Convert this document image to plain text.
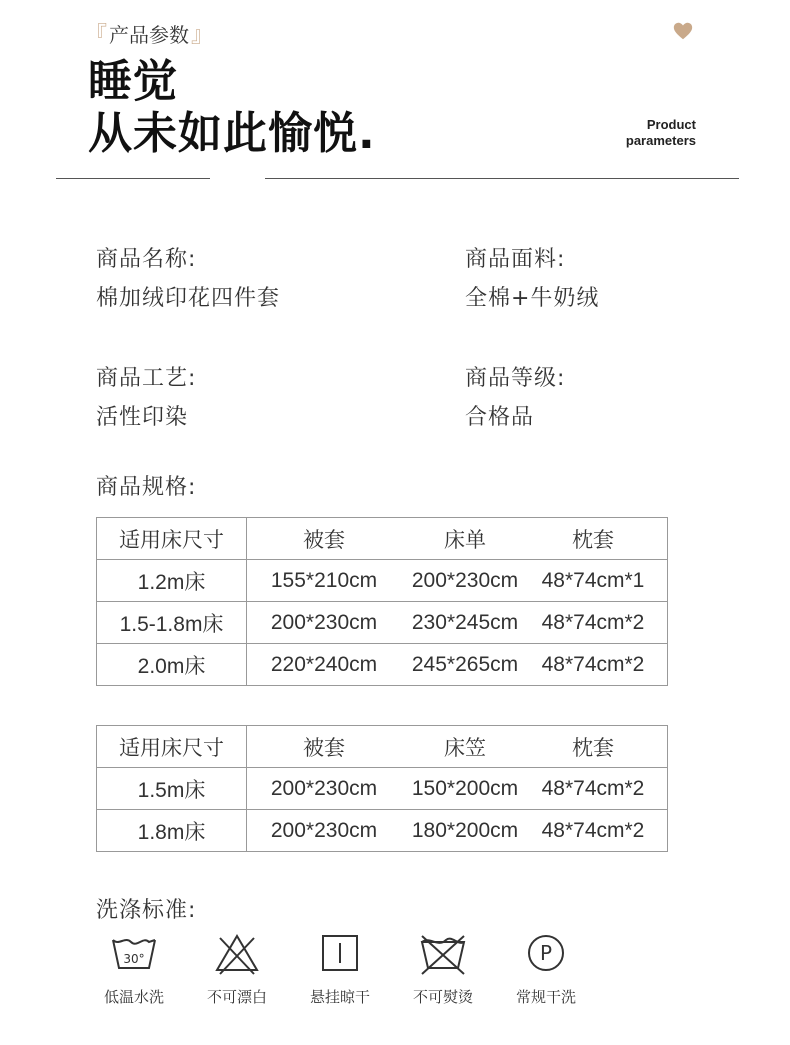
『 产品参数 』
睡觉
从未如此愉悦.	Product
parameters
商品名称:
棉加绒印花四件套
商品面料:
全棉+牛奶绒
商品工艺:
活性印染
商品等级:
合格品
商品规格:
适用床尺寸	被套 床单 枕套

1.2m床	155*210cm 200*230cm 48*74cm*1

1.5-1.8m床	200*230cm 230*245cm 48*74cm*2

2.0m床	220*240cm 245*265cm 48*74cm*2
适用床尺寸	被套 床笠 枕套

1.5m床	200*230cm 150*200cm 48*74cm*2

1.8m床	200*230cm 180*200cm 48*74cm*2
洗涤标准:
30°
低温水洗	不可漂白	悬挂晾干	不可熨烫
P
常规干洗
